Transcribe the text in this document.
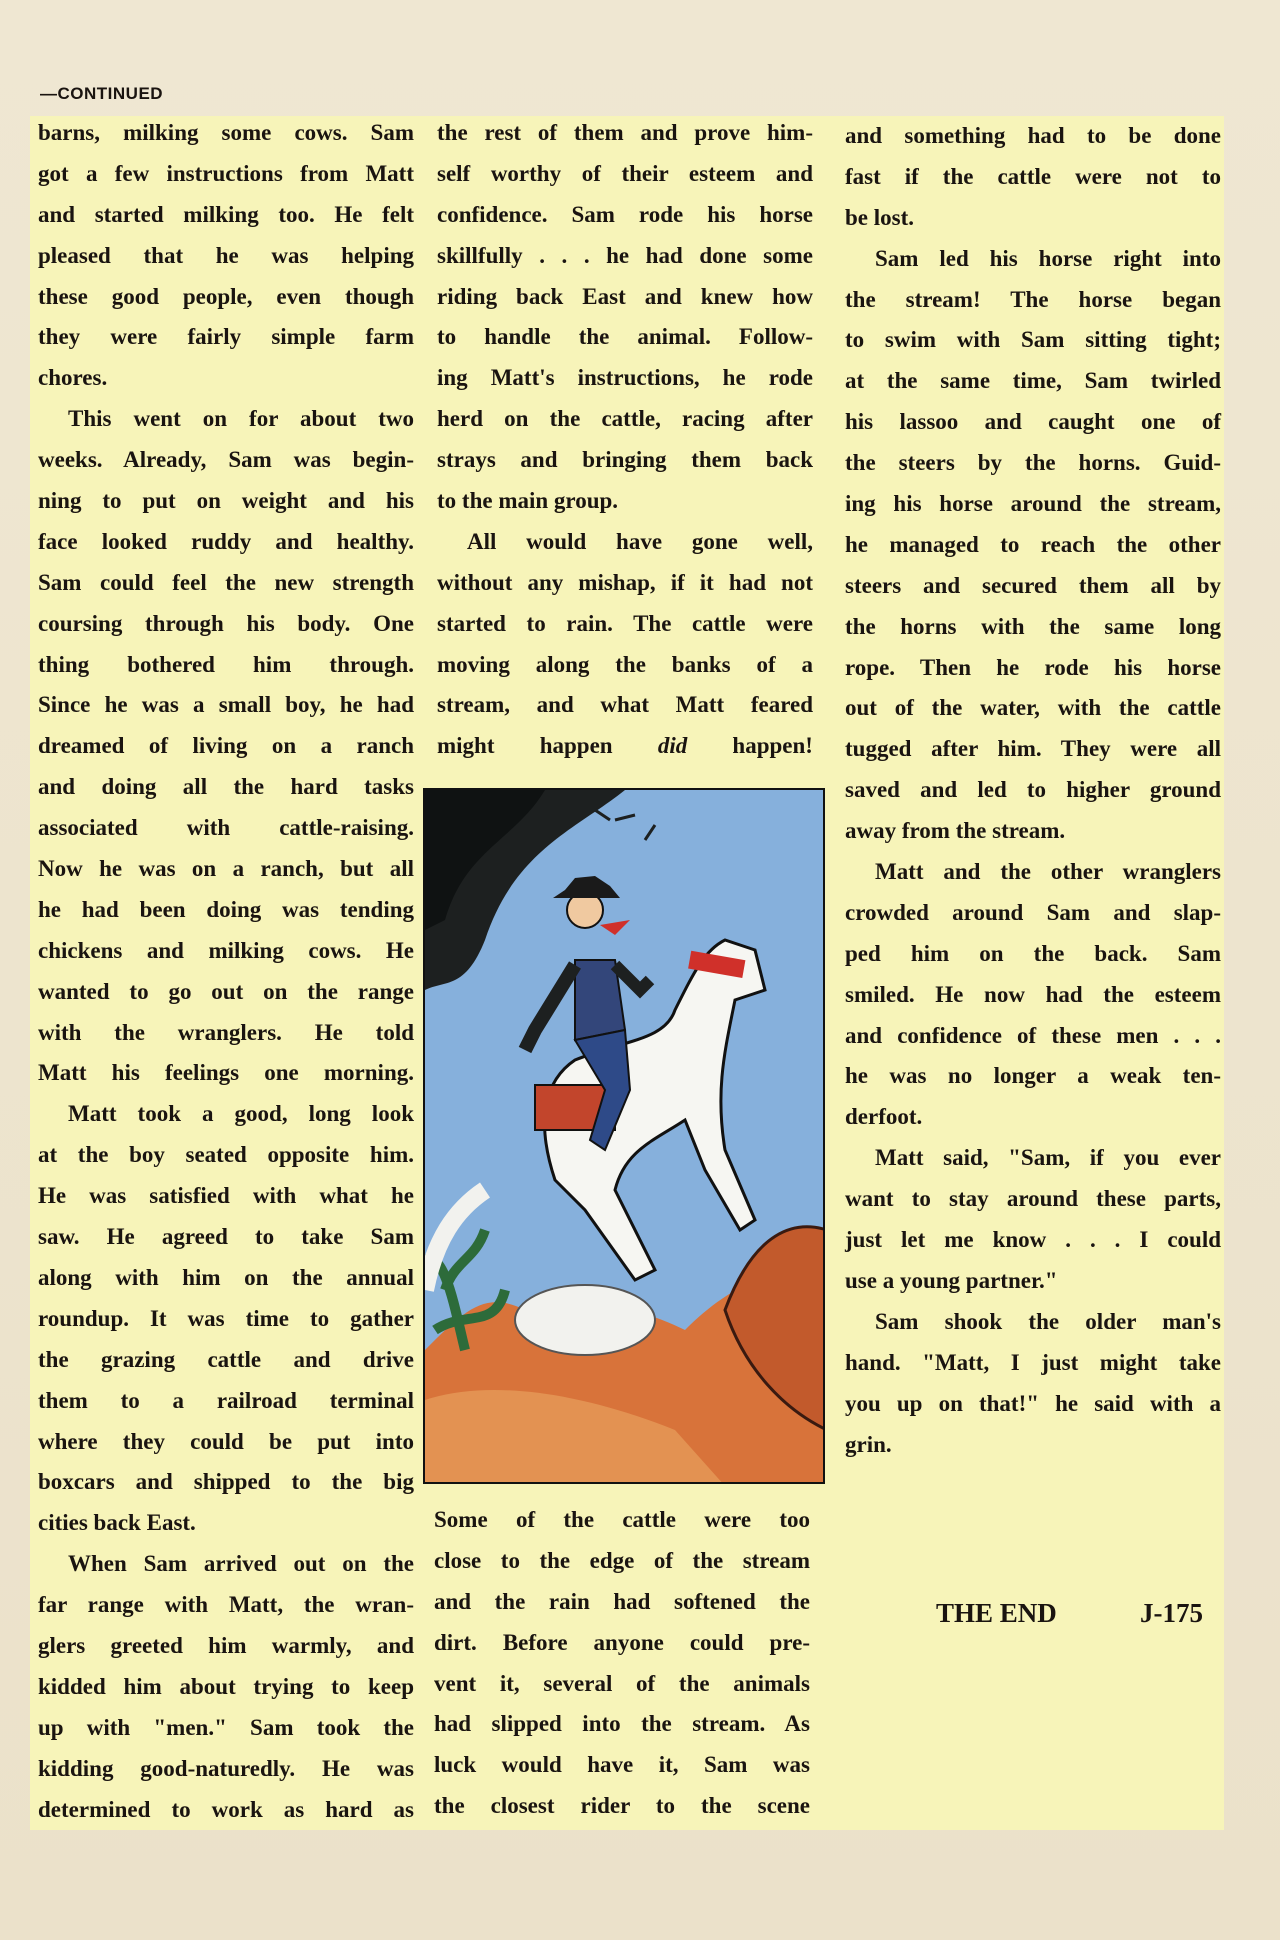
—CONTINUED
barns, milking some cows. Sam
got a few instructions from Matt
and started milking too. He felt
pleased that he was helping
these good people, even though
they were fairly simple farm
chores.
This went on for about two
weeks. Already, Sam was begin-
ning to put on weight and his
face looked ruddy and healthy.
Sam could feel the new strength
coursing through his body. One
thing bothered him through.
Since he was a small boy, he had
dreamed of living on a ranch
and doing all the hard tasks
associated with cattle-raising.
Now he was on a ranch, but all
he had been doing was tending
chickens and milking cows. He
wanted to go out on the range
with the wranglers. He told
Matt his feelings one morning.
Matt took a good, long look
at the boy seated opposite him.
He was satisfied with what he
saw. He agreed to take Sam
along with him on the annual
roundup. It was time to gather
the grazing cattle and drive
them to a railroad terminal
where they could be put into
boxcars and shipped to the big
cities back East.
When Sam arrived out on the
far range with Matt, the wran-
glers greeted him warmly, and
kidded him about trying to keep
up with "men." Sam took the
kidding good-naturedly. He was
determined to work as hard as
the rest of them and prove him-
self worthy of their esteem and
confidence. Sam rode his horse
skillfully . . . he had done some
riding back East and knew how
to handle the animal. Follow-
ing Matt's instructions, he rode
herd on the cattle, racing after
strays and bringing them back
to the main group.
All would have gone well,
without any mishap, if it had not
started to rain. The cattle were
moving along the banks of a
stream, and what Matt feared
might happen did happen!
Some of the cattle were too
close to the edge of the stream
and the rain had softened the
dirt. Before anyone could pre-
vent it, several of the animals
had slipped into the stream. As
luck would have it, Sam was
the closest rider to the scene
and something had to be done
fast if the cattle were not to
be lost.
Sam led his horse right into
the stream! The horse began
to swim with Sam sitting tight;
at the same time, Sam twirled
his lassoo and caught one of
the steers by the horns. Guid-
ing his horse around the stream,
he managed to reach the other
steers and secured them all by
the horns with the same long
rope. Then he rode his horse
out of the water, with the cattle
tugged after him. They were all
saved and led to higher ground
away from the stream.
Matt and the other wranglers
crowded around Sam and slap-
ped him on the back. Sam
smiled. He now had the esteem
and confidence of these men . . .
he was no longer a weak ten-
derfoot.
Matt said, "Sam, if you ever
want to stay around these parts,
just let me know . . . I could
use a young partner."
Sam shook the older man's
hand. "Matt, I just might take
you up on that!" he said with a
grin.
THE END	J-175
